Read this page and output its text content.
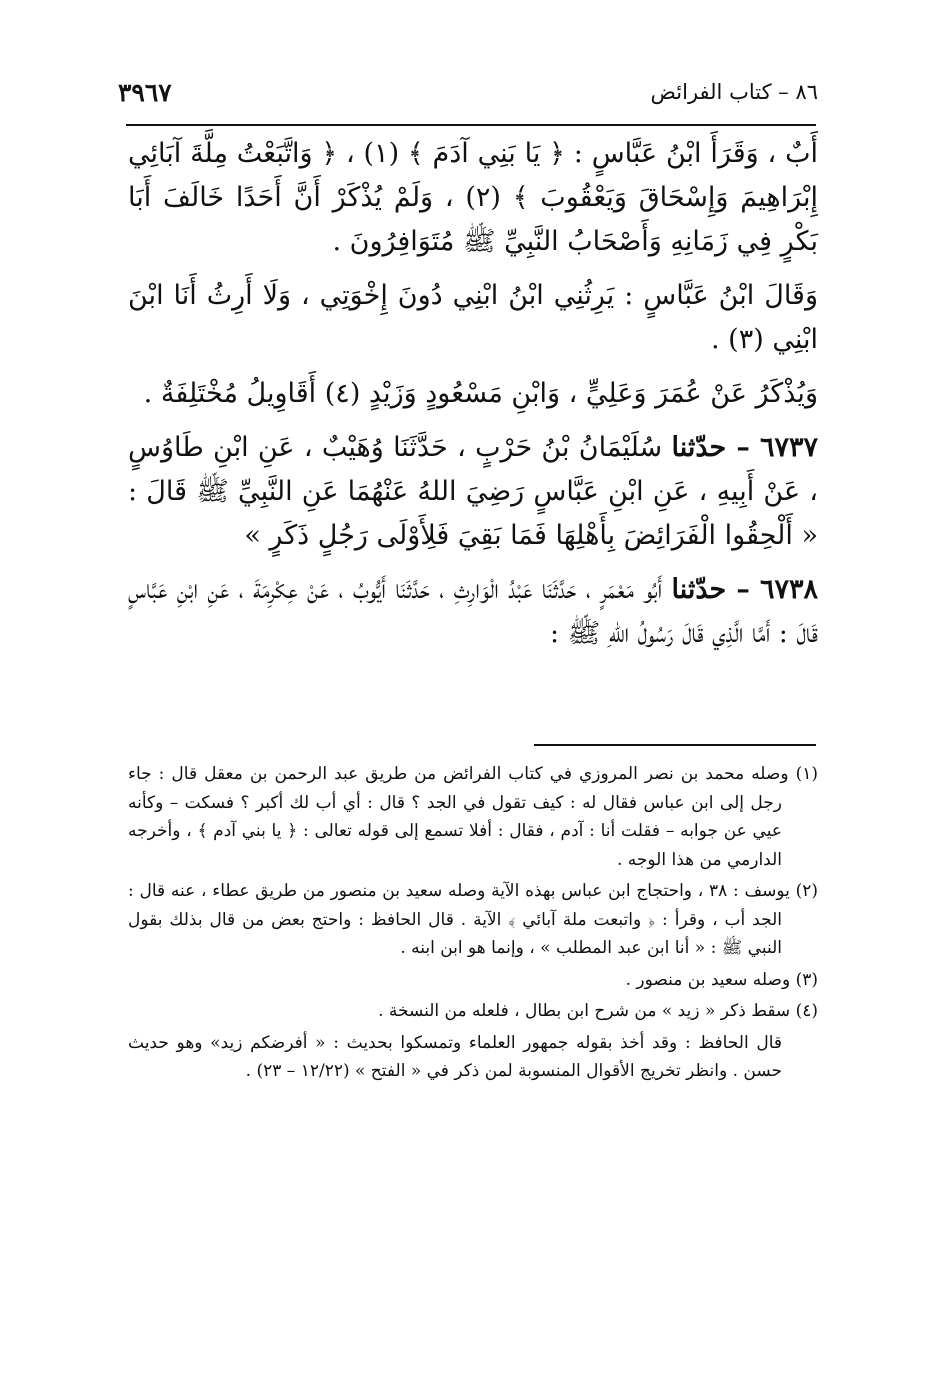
٣٩٦٧	٨٦ – كتاب الفرائض

أَبٌ ، وَقَرَأَ ابْنُ عَبَّاسٍ : ﴿ يَا بَنِي آدَمَ ﴾ (١) ، ﴿ وَاتَّبَعْتُ مِلَّةَ آبَائِي إِبْرَاهِيمَ وَإِسْحَاقَ وَيَعْقُوبَ ﴾ (٢) ، وَلَمْ يُذْكَرْ أَنَّ أَحَدًا خَالَفَ أَبَا بَكْرٍ فِي زَمَانِهِ وَأَصْحَابُ النَّبِيِّ ﷺ مُتَوَافِرُونَ .

وَقَالَ ابْنُ عَبَّاسٍ : يَرِثُنِي ابْنُ ابْنِي دُونَ إِخْوَتِي ، وَلَا أَرِثُ أَنَا ابْنَ ابْنِي (٣) .

وَيُذْكَرُ عَنْ عُمَرَ وَعَلِيٍّ ، وَابْنِ مَسْعُودٍ وَزَيْدٍ (٤) أَقَاوِيلُ مُخْتَلِفَةٌ .

٦٧٣٧ – حدّثنا سُلَيْمَانُ بْنُ حَرْبٍ ، حَدَّثَنَا وُهَيْبٌ ، عَنِ ابْنِ طَاوُسٍ ، عَنْ أَبِيهِ ، عَنِ ابْنِ عَبَّاسٍ رَضِيَ اللهُ عَنْهُمَا عَنِ النَّبِيِّ ﷺ قَالَ : « أَلْحِقُوا الْفَرَائِضَ بِأَهْلِهَا فَمَا بَقِيَ فَلِأَوْلَى رَجُلٍ ذَكَرٍ »

٦٧٣٨ – حدّثنا أَبُو مَعْمَرٍ ، حَدَّثَنَا عَبْدُ الْوَارِثِ ، حَدَّثَنَا أَيُّوبُ ، عَنْ عِكْرِمَةَ ، عَنِ ابْنِ عَبَّاسٍ قَالَ : أَمَّا الَّذِي قَالَ رَسُولُ اللهِ ﷺ :

(١) وصله محمد بن نصر المروزي في كتاب الفرائض من طريق عبد الرحمن بن معقل قال : جاء رجل إلى ابن عباس فقال له : كيف تقول في الجد ؟ قال : أي أب لك أكبر ؟ فسكت – وكأنه عيي عن جوابه – فقلت أنا : آدم ، فقال : أفلا تسمع إلى قوله تعالى : ﴿ يا بني آدم ﴾ ، وأخرجه الدارمي من هذا الوجه .

(٢) يوسف : ٣٨ ، واحتجاج ابن عباس بهذه الآية وصله سعيد بن منصور من طريق عطاء ، عنه قال : الجد أب ، وقرأ : ﴿ واتبعت ملة آبائي ﴾ الآية . قال الحافظ : واحتج بعض من قال بذلك بقول النبي ﷺ : « أنا ابن عبد المطلب » ، وإنما هو ابن ابنه .

(٣) وصله سعيد بن منصور .

(٤) سقط ذكر « زيد » من شرح ابن بطال ، فلعله من النسخة .

قال الحافظ : وقد أخذ بقوله جمهور العلماء وتمسكوا بحديث : « أفرضكم زيد» وهو حديث حسن . وانظر تخريج الأقوال المنسوبة لمن ذكر في « الفتح » (١٢/٢٢ – ٢٣) .
